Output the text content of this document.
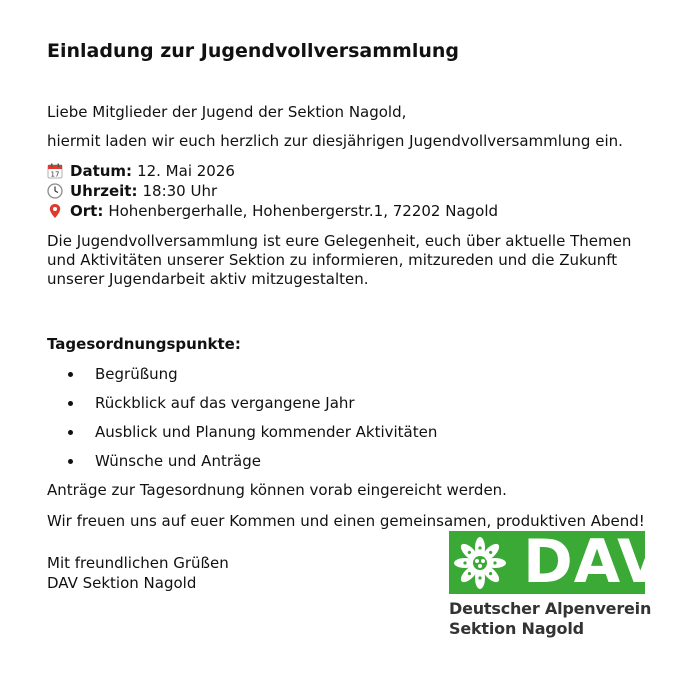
Einladung zur Jugendvollversammlung
Liebe Mitglieder der Jugend der Sektion Nagold,
hiermit laden wir euch herzlich zur diesjährigen Jugendvollversammlung ein.
17 Datum: 12. Mai 2026
Uhrzeit: 18:30 Uhr
Ort: Hohenbergerhalle, Hohenbergerstr.1, 72202 Nagold
Die Jugendvollversammlung ist eure Gelegenheit, euch über aktuelle Themen und Aktivitäten unserer Sektion zu informieren, mitzureden und die Zukunft unserer Jugendarbeit aktiv mitzugestalten.
Tagesordnungspunkte:
Begrüßung
Rückblick auf das vergangene Jahr
Ausblick und Planung kommender Aktivitäten
Wünsche und Anträge
Anträge zur Tagesordnung können vorab eingereicht werden.
Wir freuen uns auf euer Kommen und einen gemeinsamen, produktiven Abend!
Mit freundlichen Grüßen
DAV Sektion Nagold	DAV
Deutscher Alpenverein
Sektion Nagold
